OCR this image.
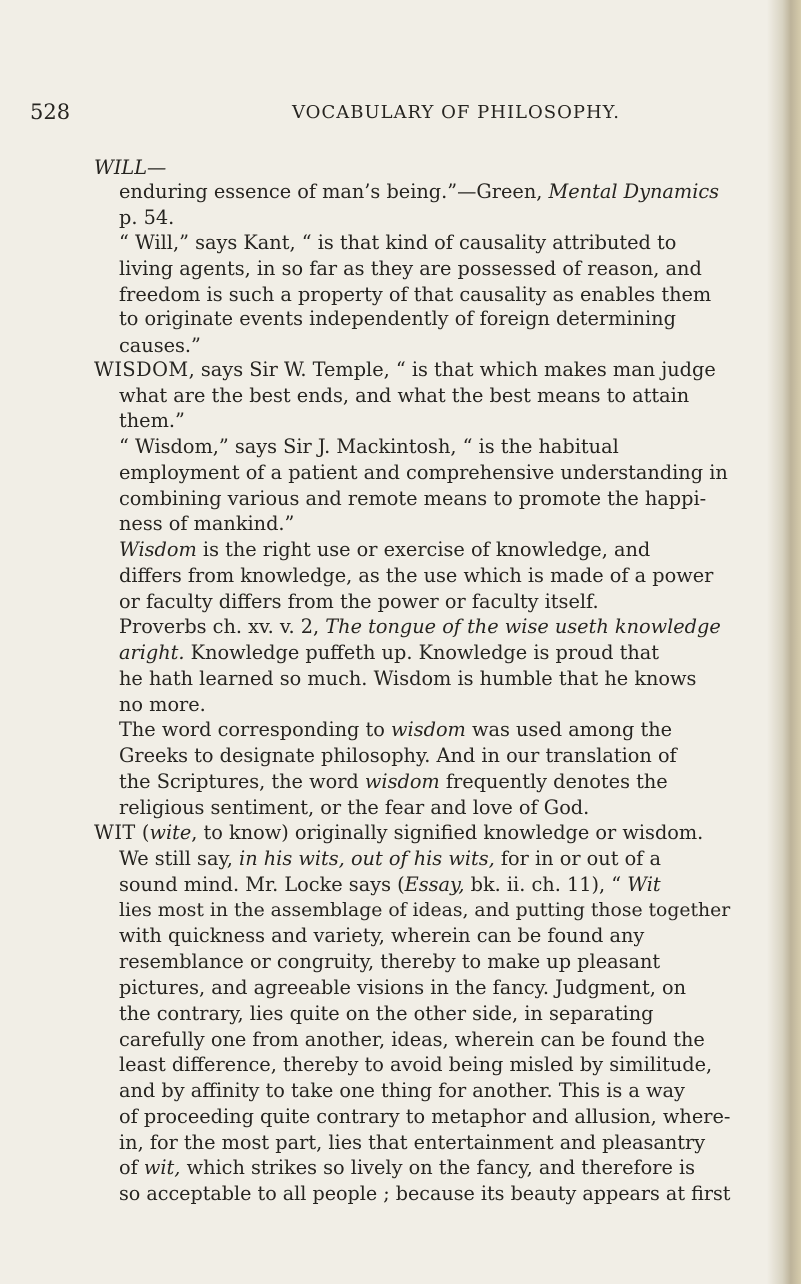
528	VOCABULARY OF PHILOSOPHY.
WILL—
enduring essence of man’s being.”—Green, Mental Dynamics
p. 54.
“ Will,” says Kant, “ is that kind of causality attributed to
living agents, in so far as they are possessed of reason, and
freedom is such a property of that causality as enables them
to originate events independently of foreign determining
causes.”
WISDOM, says Sir W. Temple, “ is that which makes man judge
what are the best ends, and what the best means to attain
them.”
“ Wisdom,” says Sir J. Mackintosh, “ is the habitual
employment of a patient and comprehensive understanding in
combining various and remote means to promote the happi-
ness of mankind.”
Wisdom is the right use or exercise of knowledge, and
differs from knowledge, as the use which is made of a power
or faculty differs from the power or faculty itself.
Proverbs ch. xv. v. 2, The tongue of the wise useth knowledge
aright. Knowledge puffeth up. Knowledge is proud that
he hath learned so much. Wisdom is humble that he knows
no more.
The word corresponding to wisdom was used among the
Greeks to designate philosophy. And in our translation of
the Scriptures, the word wisdom frequently denotes the
religious sentiment, or the fear and love of God.
WIT (wite, to know) originally signified knowledge or wisdom.
We still say, in his wits, out of his wits, for in or out of a
sound mind. Mr. Locke says (Essay, bk. ii. ch. 11), “ Wit
lies most in the assemblage of ideas, and putting those together
with quickness and variety, wherein can be found any
resemblance or congruity, thereby to make up pleasant
pictures, and agreeable visions in the fancy. Judgment, on
the contrary, lies quite on the other side, in separating
carefully one from another, ideas, wherein can be found the
least difference, thereby to avoid being misled by similitude,
and by affinity to take one thing for another. This is a way
of proceeding quite contrary to metaphor and allusion, where-
in, for the most part, lies that entertainment and pleasantry
of wit, which strikes so lively on the fancy, and therefore is
so acceptable to all people ; because its beauty appears at first
